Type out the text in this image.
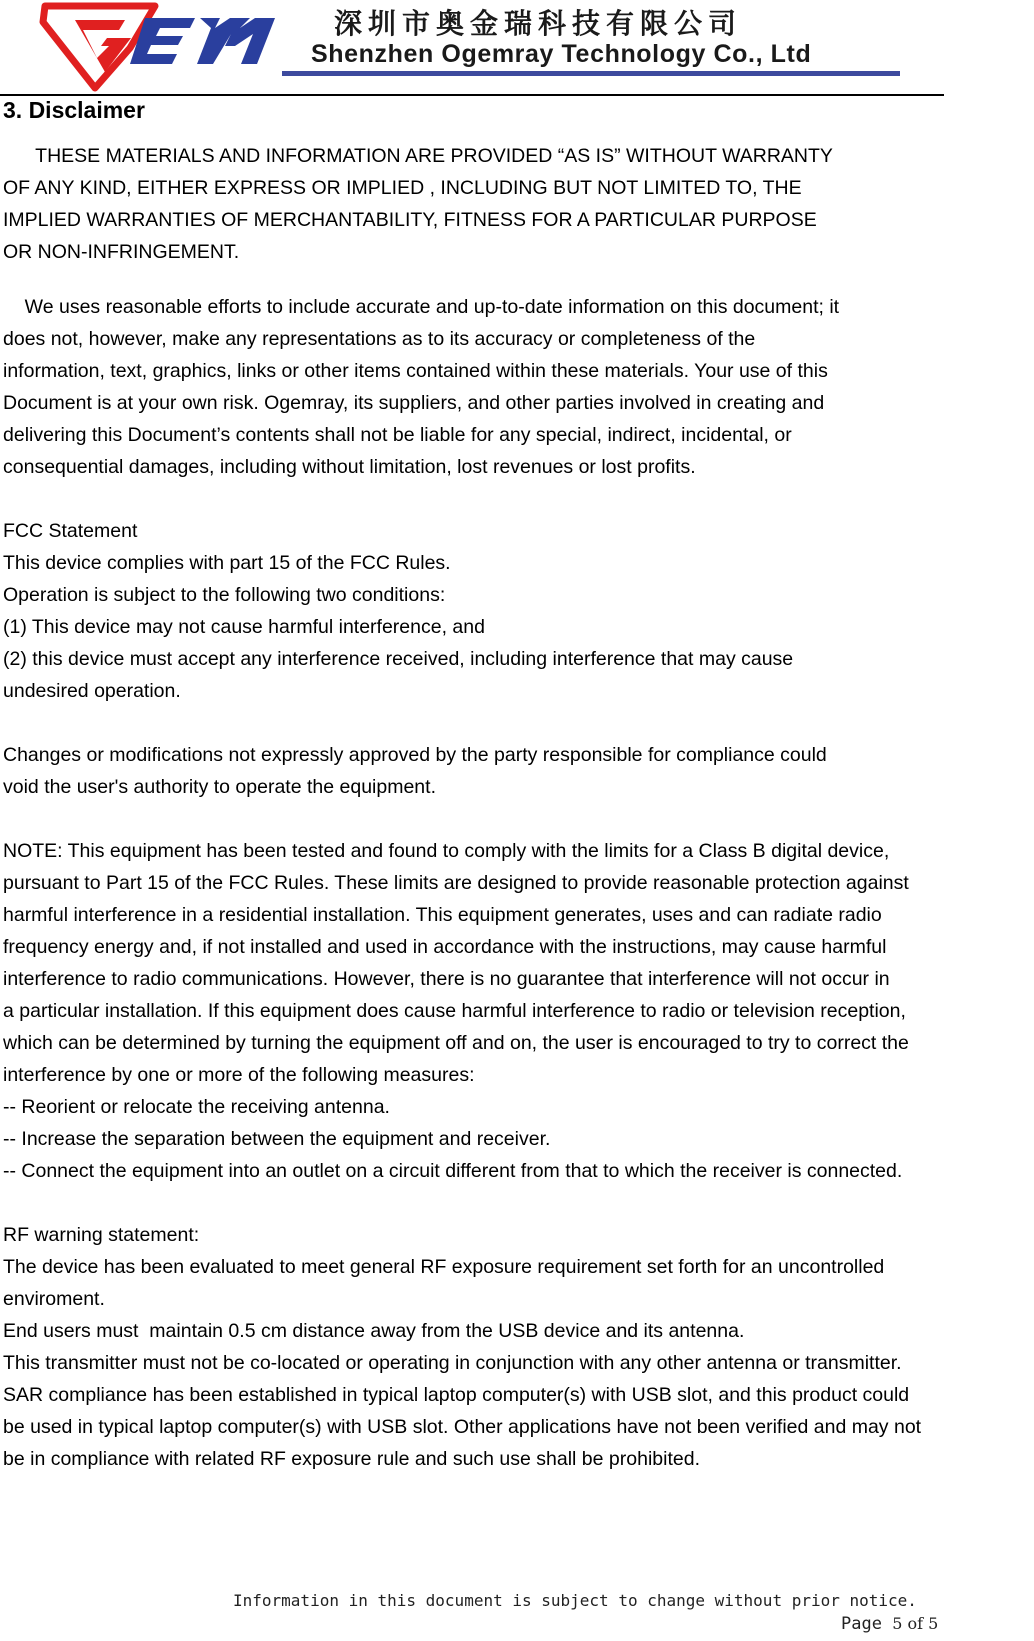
深圳市奥金瑞科技有限公司
Shenzhen Ogemray Technology Co., Ltd
3. Disclaimer
THESE MATERIALS AND INFORMATION ARE PROVIDED “AS IS” WITHOUT WARRANTY
OF ANY KIND, EITHER EXPRESS OR IMPLIED , INCLUDING BUT NOT LIMITED TO, THE
IMPLIED WARRANTIES OF MERCHANTABILITY, FITNESS FOR A PARTICULAR PURPOSE
OR NON-INFRINGEMENT.
We uses reasonable efforts to include accurate and up-to-date information on this document; it
does not, however, make any representations as to its accuracy or completeness of the
information, text, graphics, links or other items contained within these materials. Your use of this
Document is at your own risk. Ogemray, its suppliers, and other parties involved in creating and
delivering this Document’s contents shall not be liable for any special, indirect, incidental, or
consequential damages, including without limitation, lost revenues or lost profits.
FCC Statement
This device complies with part 15 of the FCC Rules.
Operation is subject to the following two conditions:
(1) This device may not cause harmful interference, and
(2) this device must accept any interference received, including interference that may cause
undesired operation.
Changes or modifications not expressly approved by the party responsible for compliance could
void the user's authority to operate the equipment.
NOTE: This equipment has been tested and found to comply with the limits for a Class B digital device,
pursuant to Part 15 of the FCC Rules. These limits are designed to provide reasonable protection against
harmful interference in a residential installation. This equipment generates, uses and can radiate radio
frequency energy and, if not installed and used in accordance with the instructions, may cause harmful
interference to radio communications. However, there is no guarantee that interference will not occur in
a particular installation. If this equipment does cause harmful interference to radio or television reception,
which can be determined by turning the equipment off and on, the user is encouraged to try to correct the
interference by one or more of the following measures:
-- Reorient or relocate the receiving antenna.
-- Increase the separation between the equipment and receiver.
-- Connect the equipment into an outlet on a circuit different from that to which the receiver is connected.
RF warning statement:
The device has been evaluated to meet general RF exposure requirement set forth for an uncontrolled
enviroment.
End users must  maintain 0.5 cm distance away from the USB device and its antenna.
This transmitter must not be co-located or operating in conjunction with any other antenna or transmitter.
SAR compliance has been established in typical laptop computer(s) with USB slot, and this product could
be used in typical laptop computer(s) with USB slot. Other applications have not been verified and may not
be in compliance with related RF exposure rule and such use shall be prohibited.
Information in this document is subject to change without prior notice.
Page 5 of 5
